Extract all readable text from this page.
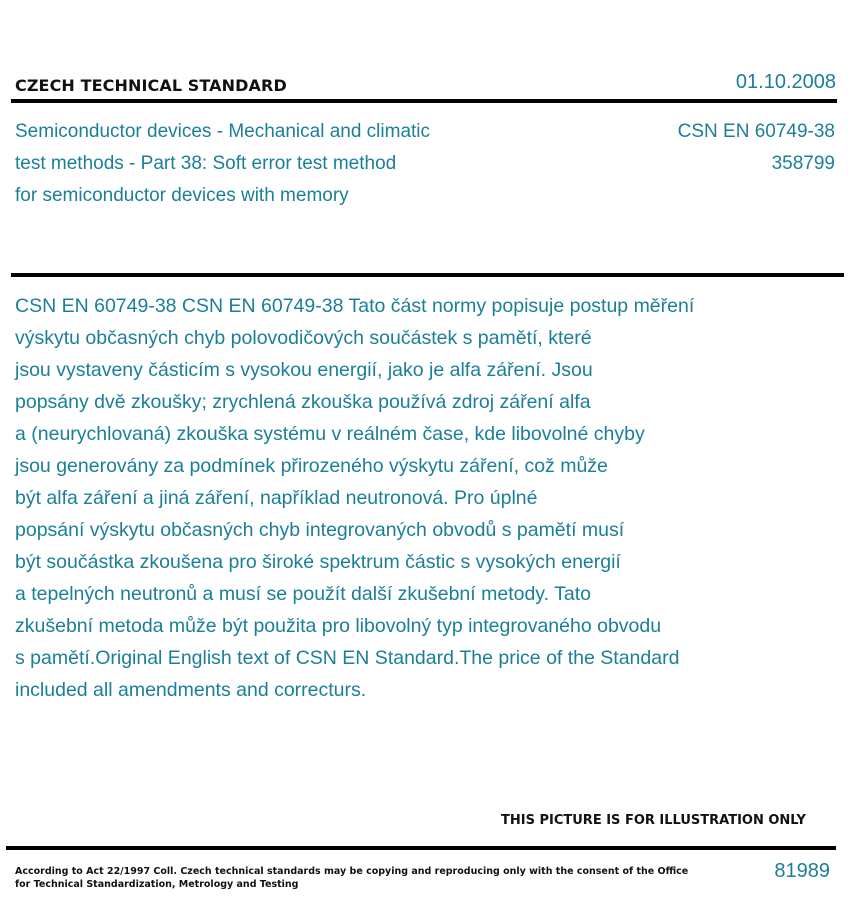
CZECH TECHNICAL STANDARD	01.10.2008
Semiconductor devices - Mechanical and climatic
test methods - Part 38: Soft error test method
for semiconductor devices with memory
CSN EN 60749-38
358799
CSN EN 60749-38 CSN EN 60749-38 Tato část normy popisuje postup měření
výskytu občasných chyb polovodičových součástek s pamětí, které
jsou vystaveny částicím s vysokou energií, jako je alfa záření. Jsou
popsány dvě zkoušky; zrychlená zkouška používá zdroj záření alfa
a (neurychlovaná) zkouška systému v reálném čase, kde libovolné chyby
jsou generovány za podmínek přirozeného výskytu záření, což může
být alfa záření a jiná záření, například neutronová. Pro úplné
popsání výskytu občasných chyb integrovaných obvodů s pamětí musí
být součástka zkoušena pro široké spektrum částic s vysokých energií
a tepelných neutronů a musí se použít další zkušební metody. Tato
zkušební metoda může být použita pro libovolný typ integrovaného obvodu
s pamětí.Original English text of CSN EN Standard.The price of the Standard
included all amendments and correcturs.
THIS PICTURE IS FOR ILLUSTRATION ONLY
According to Act 22/1997 Coll. Czech technical standards may be copying and reproducing only with the consent of the Office
for Technical Standardization, Metrology and Testing
81989
